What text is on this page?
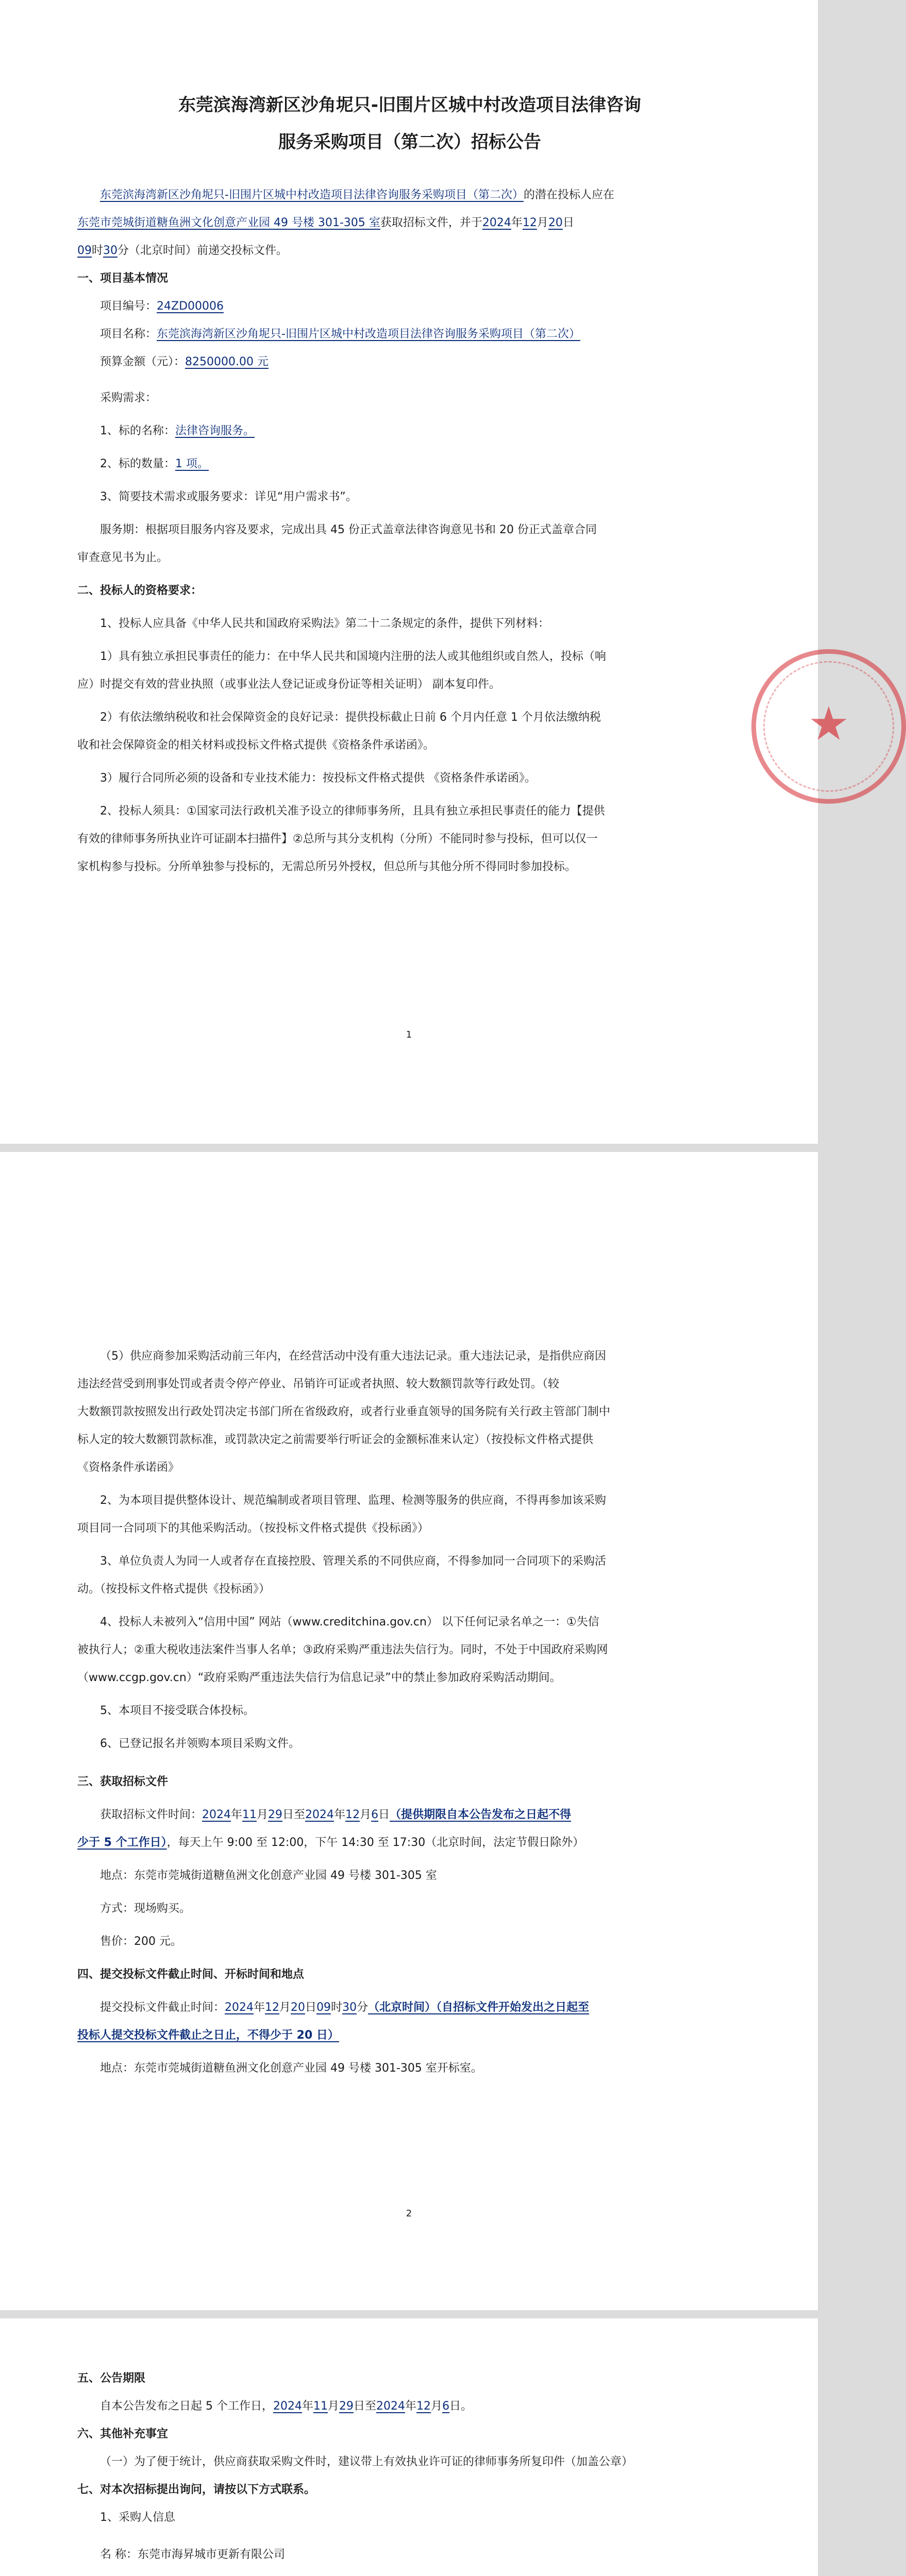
东莞滨海湾新区沙角坭只-旧围片区城中村改造项目法律咨询

服务采购项目（第二次）招标公告

东莞滨海湾新区沙角坭只-旧围片区城中村改造项目法律咨询服务采购项目（第二次）的潜在投标人应在

东莞市莞城街道糖鱼洲文化创意产业园 49 号楼 301-305 室获取招标文件，并于2024年12月20日

09时30分（北京时间）前递交投标文件。

一、项目基本情况

项目编号：24ZD00006

项目名称：东莞滨海湾新区沙角坭只-旧围片区城中村改造项目法律咨询服务采购项目（第二次）

预算金额（元）：8250000.00 元

采购需求：

1、标的名称：法律咨询服务。

2、标的数量：1 项。

3、简要技术需求或服务要求：详见“用户需求书”。

服务期：根据项目服务内容及要求，完成出具 45 份正式盖章法律咨询意见书和 20 份正式盖章合同

审查意见书为止。

二、投标人的资格要求：

1、投标人应具备《中华人民共和国政府采购法》第二十二条规定的条件，提供下列材料：

1）具有独立承担民事责任的能力：在中华人民共和国境内注册的法人或其他组织或自然人，投标（响

应）时提交有效的营业执照（或事业法人登记证或身份证等相关证明） 副本复印件。

2）有依法缴纳税收和社会保障资金的良好记录：提供投标截止日前 6 个月内任意 1 个月依法缴纳税

收和社会保障资金的相关材料或投标文件格式提供《资格条件承诺函》。

3）履行合同所必须的设备和专业技术能力：按投标文件格式提供 《资格条件承诺函》。

2、投标人须具：①国家司法行政机关准予设立的律师事务所，且具有独立承担民事责任的能力【提供

有效的律师事务所执业许可证副本扫描件】②总所与其分支机构（分所）不能同时参与投标，但可以仅一

家机构参与投标。分所单独参与投标的，无需总所另外授权，但总所与其他分所不得同时参加投标。

★
1

（5）供应商参加采购活动前三年内，在经营活动中没有重大违法记录。重大违法记录，是指供应商因

违法经营受到刑事处罚或者责令停产停业、吊销许可证或者执照、较大数额罚款等行政处罚。（较

大数额罚款按照发出行政处罚决定书部门所在省级政府，或者行业垂直领导的国务院有关行政主管部门制中

标人定的较大数额罚款标准，或罚款决定之前需要举行听证会的金额标准来认定）（按投标文件格式提供

《资格条件承诺函》

2、为本项目提供整体设计、规范编制或者项目管理、监理、检测等服务的供应商，不得再参加该采购

项目同一合同项下的其他采购活动。（按投标文件格式提供《投标函》）

3、单位负责人为同一人或者存在直接控股、管理关系的不同供应商，不得参加同一合同项下的采购活

动。（按投标文件格式提供《投标函》）

4、投标人未被列入“信用中国” 网站（www.creditchina.gov.cn） 以下任何记录名单之一：①失信

被执行人；②重大税收违法案件当事人名单；③政府采购严重违法失信行为。同时，不处于中国政府采购网

（www.ccgp.gov.cn）“政府采购严重违法失信行为信息记录”中的禁止参加政府采购活动期间。

5、本项目不接受联合体投标。

6、已登记报名并领购本项目采购文件。

三、获取招标文件

获取招标文件时间：2024年11月29日至2024年12月6日（提供期限自本公告发布之日起不得

少于 5 个工作日），每天上午 9:00 至 12:00，下午 14:30 至 17:30（北京时间，法定节假日除外）

地点：东莞市莞城街道糖鱼洲文化创意产业园 49 号楼 301-305 室

方式：现场购买。

售价：200 元。

四、提交投标文件截止时间、开标时间和地点

提交投标文件截止时间：2024年12月20日09时30分（北京时间）（自招标文件开始发出之日起至

投标人提交投标文件截止之日止，不得少于 20 日）

地点：东莞市莞城街道糖鱼洲文化创意产业园 49 号楼 301-305 室开标室。

2

五、公告期限

自本公告发布之日起 5 个工作日，2024年11月29日至2024年12月6日。

六、其他补充事宜

（一）为了便于统计，供应商获取采购文件时，建议带上有效执业许可证的律师事务所复印件（加盖公章）

七、对本次招标提出询问，请按以下方式联系。

1、采购人信息

名 称：东莞市海昇城市更新有限公司
